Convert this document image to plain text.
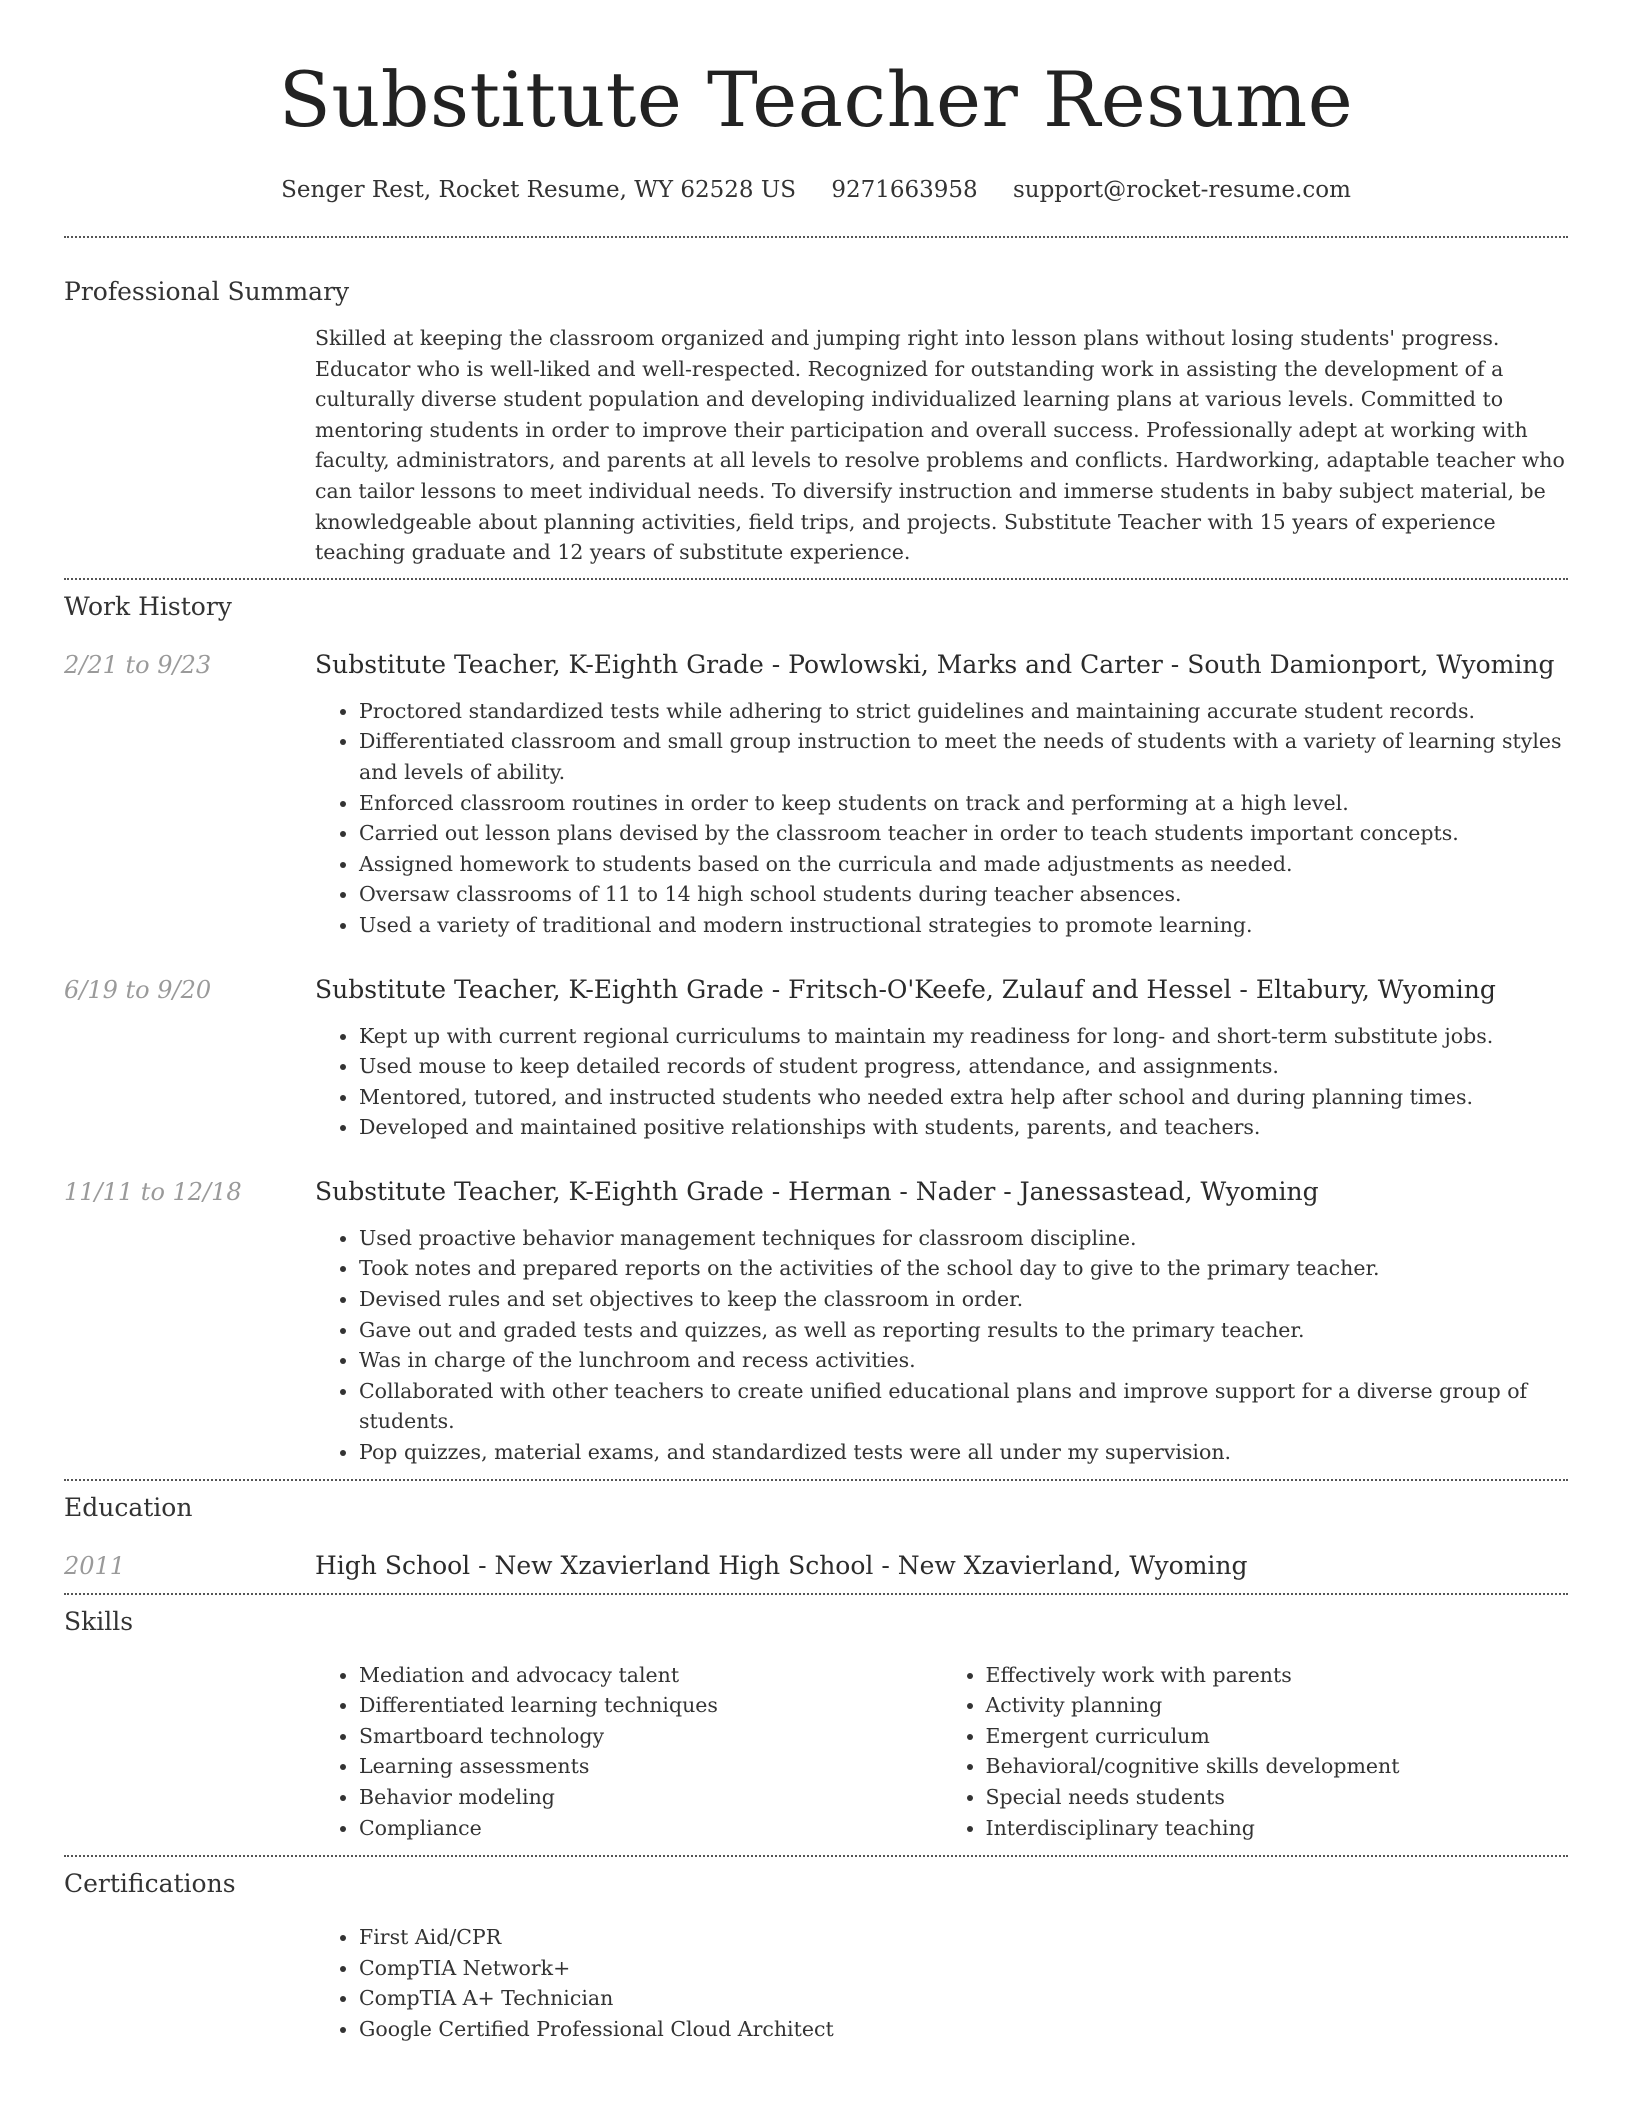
Substitute Teacher Resume
Senger Rest, Rocket Resume, WY 62528 US 9271663958 support@rocket-resume.com
Professional Summary

Skilled at keeping the classroom organized and jumping right into lesson plans without losing students' progress. Educator who is well-liked and well-respected. Recognized for outstanding work in assisting the development of a culturally diverse student population and developing individualized learning plans at various levels. Committed to mentoring students in order to improve their participation and overall success. Professionally adept at working with faculty, administrators, and parents at all levels to resolve problems and conflicts. Hardworking, adaptable teacher who can tailor lessons to meet individual needs. To diversify instruction and immerse students in baby subject material, be knowledgeable about planning activities, field trips, and projects. Substitute Teacher with 15 years of experience teaching graduate and 12 years of substitute experience.

Work History
2/21 to 9/23	Substitute Teacher, K-Eighth Grade - Powlowski, Marks and Carter - South Damionport, Wyoming
• Proctored standardized tests while adhering to strict guidelines and maintaining accurate student records.
• Differentiated classroom and small group instruction to meet the needs of students with a variety of learning styles and levels of ability.
• Enforced classroom routines in order to keep students on track and performing at a high level.
• Carried out lesson plans devised by the classroom teacher in order to teach students important concepts.
• Assigned homework to students based on the curricula and made adjustments as needed.
• Oversaw classrooms of 11 to 14 high school students during teacher absences.
• Used a variety of traditional and modern instructional strategies to promote learning.
6/19 to 9/20	Substitute Teacher, K-Eighth Grade - Fritsch-O'Keefe, Zulauf and Hessel - Eltabury, Wyoming
• Kept up with current regional curriculums to maintain my readiness for long- and short-term substitute jobs.
• Used mouse to keep detailed records of student progress, attendance, and assignments.
• Mentored, tutored, and instructed students who needed extra help after school and during planning times.
• Developed and maintained positive relationships with students, parents, and teachers.
11/11 to 12/18	Substitute Teacher, K-Eighth Grade - Herman - Nader - Janessastead, Wyoming
• Used proactive behavior management techniques for classroom discipline.
• Took notes and prepared reports on the activities of the school day to give to the primary teacher.
• Devised rules and set objectives to keep the classroom in order.
• Gave out and graded tests and quizzes, as well as reporting results to the primary teacher.
• Was in charge of the lunchroom and recess activities.
• Collaborated with other teachers to create unified educational plans and improve support for a diverse group of students.
• Pop quizzes, material exams, and standardized tests were all under my supervision.
Education
2011	High School - New Xzavierland High School - New Xzavierland, Wyoming
Skills
• Mediation and advocacy talent
• Differentiated learning techniques
• Smartboard technology
• Learning assessments
• Behavior modeling
• Compliance
• Effectively work with parents
• Activity planning
• Emergent curriculum
• Behavioral/cognitive skills development
• Special needs students
• Interdisciplinary teaching
Certifications
• First Aid/CPR
• CompTIA Network+
• CompTIA A+ Technician
• Google Certified Professional Cloud Architect
